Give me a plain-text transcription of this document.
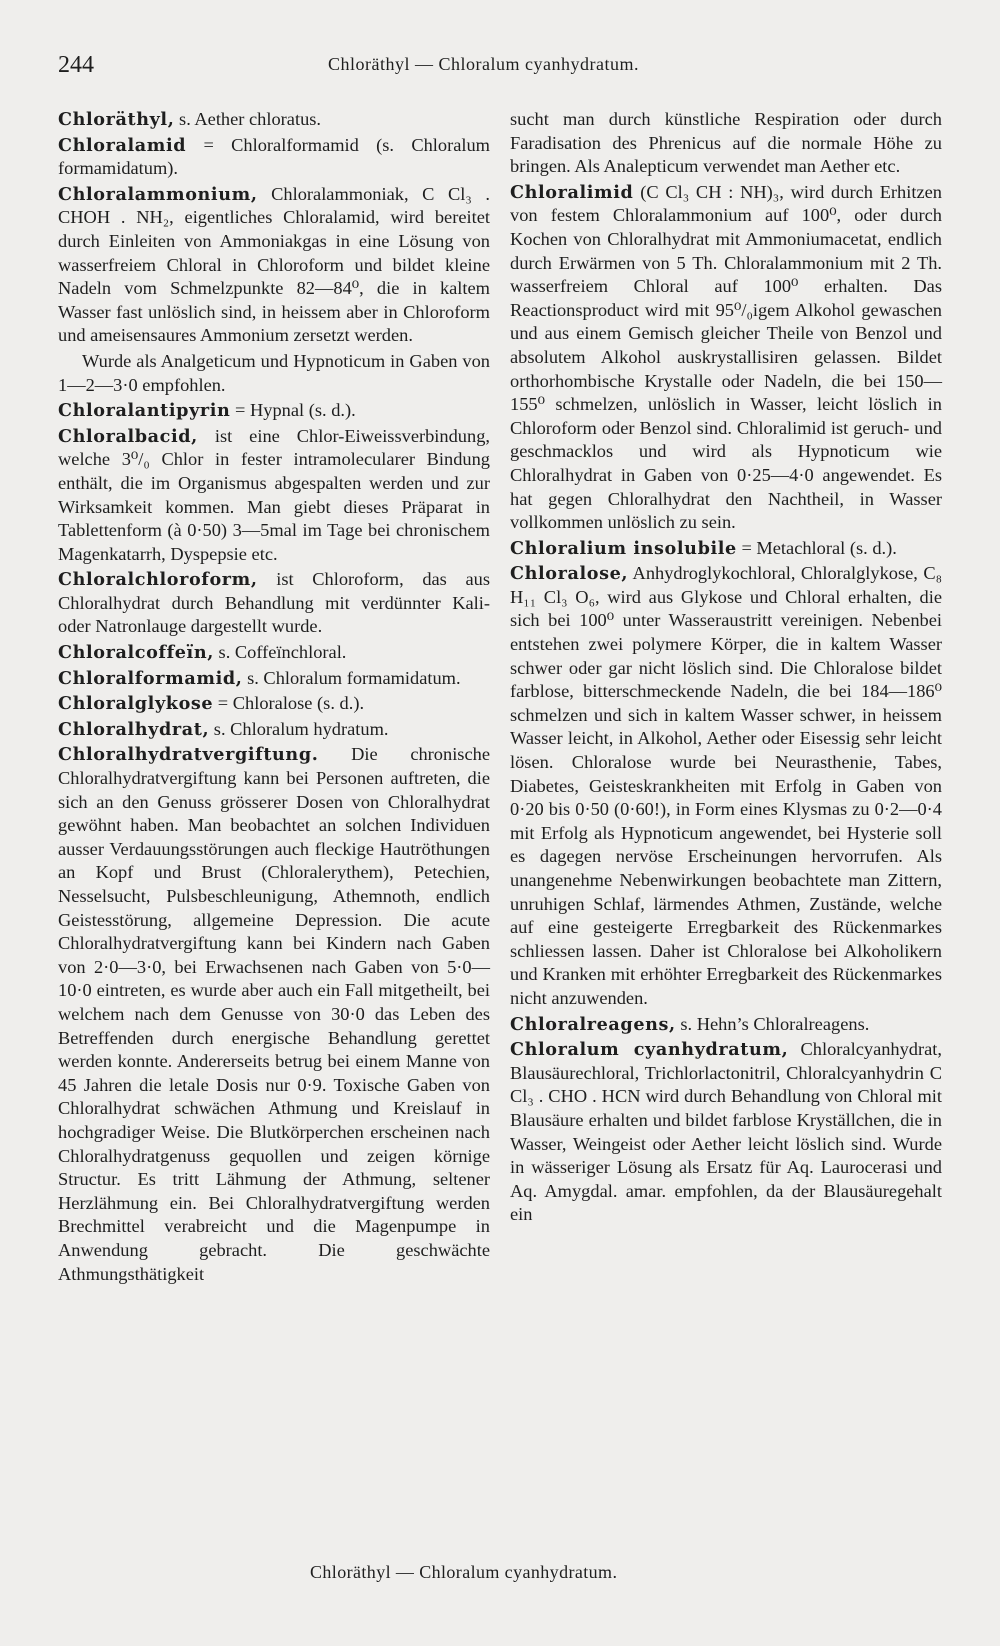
244	Chloräthyl — Chloralum cyanhydratum.

Chloräthyl, s. Aether chloratus.

Chloralamid = Chloralformamid (s. Chloralum formamidatum).

Chloralammonium, Chloralammoniak, C Cl₃ . CHOH . NH₂, eigentliches Chloralamid, wird bereitet durch Einleiten von Ammoniakgas in eine Lösung von wasserfreiem Chloral in Chloroform und bildet kleine Nadeln vom Schmelzpunkte 82—84⁰, die in kaltem Wasser fast unlöslich sind, in heissem aber in Chloroform und ameisensaures Ammonium zersetzt werden.

Wurde als Analgeticum und Hypnoticum in Gaben von 1—2—3·0 empfohlen.

Chloralantipyrin = Hypnal (s. d.).

Chloralbacid, ist eine Chlor-Eiweissverbindung, welche 3⁰/₀ Chlor in fester intramolecularer Bindung enthält, die im Organismus abgespalten werden und zur Wirksamkeit kommen. Man giebt dieses Präparat in Tablettenform (à 0·50) 3—5mal im Tage bei chronischem Magenkatarrh, Dyspepsie etc.

Chloralchloroform, ist Chloroform, das aus Chloralhydrat durch Behandlung mit verdünnter Kali- oder Natronlauge dargestellt wurde.

Chloralcoffeïn, s. Coffeïnchloral.

Chloralformamid, s. Chloralum formamidatum.

Chloralglykose = Chloralose (s. d.).

Chloralhydrat, s. Chloralum hydratum.

Chloralhydratvergiftung. Die chronische Chloralhydratvergiftung kann bei Personen auftreten, die sich an den Genuss grösserer Dosen von Chloralhydrat gewöhnt haben. Man beobachtet an solchen Individuen ausser Verdauungsstörungen auch fleckige Hautröthungen an Kopf und Brust (Chloralerythem), Petechien, Nesselsucht, Pulsbeschleunigung, Athemnoth, endlich Geistesstörung, allgemeine Depression. Die acute Chloralhydratvergiftung kann bei Kindern nach Gaben von 2·0—3·0, bei Erwachsenen nach Gaben von 5·0—10·0 eintreten, es wurde aber auch ein Fall mitgetheilt, bei welchem nach dem Genusse von 30·0 das Leben des Betreffenden durch energische Behandlung gerettet werden konnte. Andererseits betrug bei einem Manne von 45 Jahren die letale Dosis nur 0·9. Toxische Gaben von Chloralhydrat schwächen Athmung und Kreislauf in hochgradiger Weise. Die Blutkörperchen erscheinen nach Chloralhydratgenuss gequollen und zeigen körnige Structur. Es tritt Lähmung der Athmung, seltener Herzlähmung ein. Bei Chloralhydratvergiftung werden Brechmittel verabreicht und die Magenpumpe in Anwendung gebracht. Die geschwächte Athmungsthätigkeit

sucht man durch künstliche Respiration oder durch Faradisation des Phrenicus auf die normale Höhe zu bringen. Als Analepticum verwendet man Aether etc.

Chloralimid (C Cl₃ CH : NH)₃, wird durch Erhitzen von festem Chloralammonium auf 100⁰, oder durch Kochen von Chloralhydrat mit Ammoniumacetat, endlich durch Erwärmen von 5 Th. Chloralammonium mit 2 Th. wasserfreiem Chloral auf 100⁰ erhalten. Das Reactionsproduct wird mit 95⁰/₀igem Alkohol gewaschen und aus einem Gemisch gleicher Theile von Benzol und absolutem Alkohol auskrystallisiren gelassen. Bildet orthorhombische Krystalle oder Nadeln, die bei 150—155⁰ schmelzen, unlöslich in Wasser, leicht löslich in Chloroform oder Benzol sind. Chloralimid ist geruch- und geschmacklos und wird als Hypnoticum wie Chloralhydrat in Gaben von 0·25—4·0 angewendet. Es hat gegen Chloralhydrat den Nachtheil, in Wasser vollkommen unlöslich zu sein.

Chloralium insolubile = Metachloral (s. d.).

Chloralose, Anhydroglykochloral, Chloralglykose, C₈ H₁₁ Cl₃ O₆, wird aus Glykose und Chloral erhalten, die sich bei 100⁰ unter Wasseraustritt vereinigen. Nebenbei entstehen zwei polymere Körper, die in kaltem Wasser schwer oder gar nicht löslich sind. Die Chloralose bildet farblose, bitterschmeckende Nadeln, die bei 184—186⁰ schmelzen und sich in kaltem Wasser schwer, in heissem Wasser leicht, in Alkohol, Aether oder Eisessig sehr leicht lösen. Chloralose wurde bei Neurasthenie, Tabes, Diabetes, Geisteskrankheiten mit Erfolg in Gaben von 0·20 bis 0·50 (0·60!), in Form eines Klysmas zu 0·2—0·4 mit Erfolg als Hypnoticum angewendet, bei Hysterie soll es dagegen nervöse Erscheinungen hervorrufen. Als unangenehme Nebenwirkungen beobachtete man Zittern, unruhigen Schlaf, lärmendes Athmen, Zustände, welche auf eine gesteigerte Erregbarkeit des Rückenmarkes schliessen lassen. Daher ist Chloralose bei Alkoholikern und Kranken mit erhöhter Erregbarkeit des Rückenmarkes nicht anzuwenden.

Chloralreagens, s. Hehn’s Chloralreagens.

Chloralum cyanhydratum, Chloralcyanhydrat, Blausäurechloral, Trichlorlactonitril, Chloralcyanhydrin C Cl₃ . CHO . HCN wird durch Behandlung von Chloral mit Blausäure erhalten und bildet farblose Kryställchen, die in Wasser, Weingeist oder Aether leicht löslich sind. Wurde in wässeriger Lösung als Ersatz für Aq. Laurocerasi und Aq. Amygdal. amar. empfohlen, da der Blausäuregehalt ein

Chloräthyl — Chloralum cyanhydratum.
